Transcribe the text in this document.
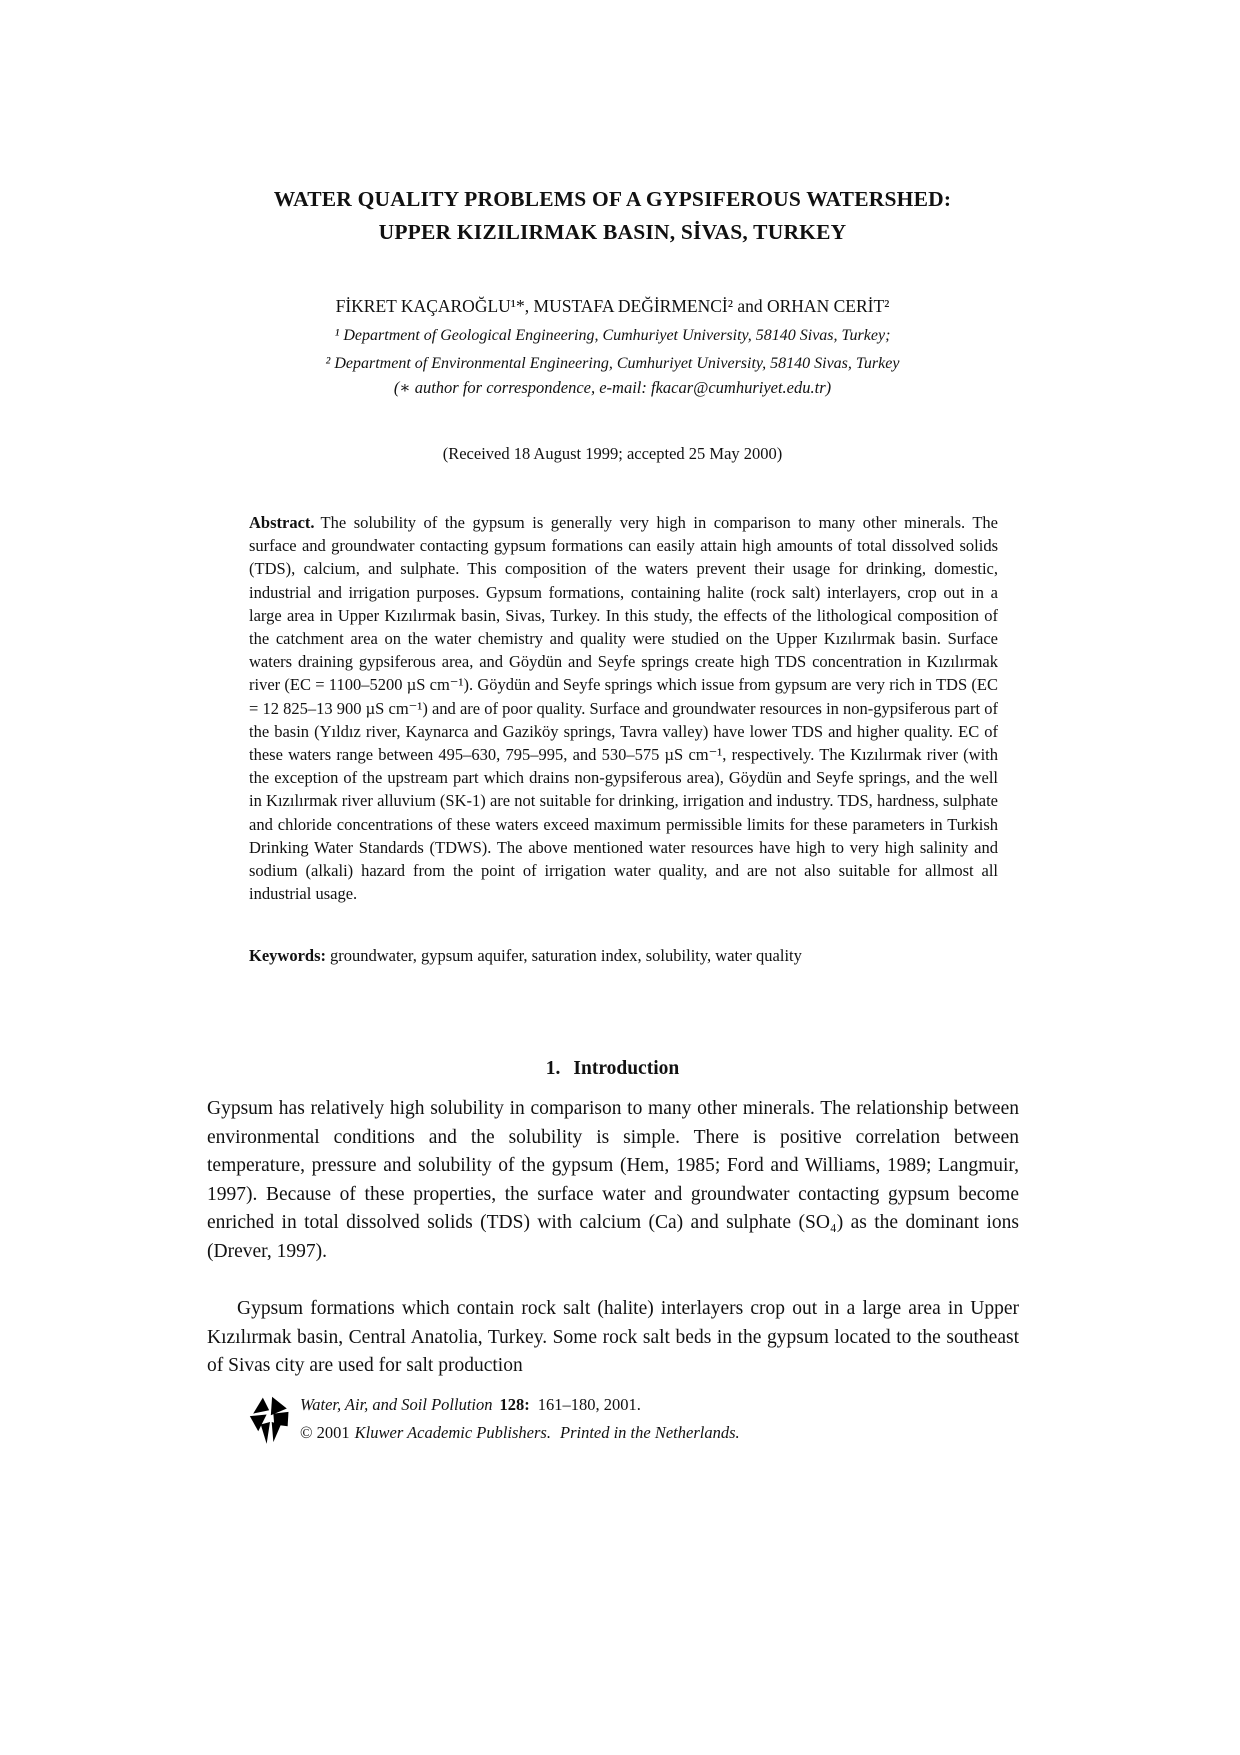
WATER QUALITY PROBLEMS OF A GYPSIFEROUS WATERSHED:
UPPER KIZILIRMAK BASIN, SİVAS, TURKEY
FİKRET KAÇAROĞLU¹*, MUSTAFA DEĞİRMENCİ² and ORHAN CERİT²
¹ Department of Geological Engineering, Cumhuriyet University, 58140 Sivas, Turkey;
² Department of Environmental Engineering, Cumhuriyet University, 58140 Sivas, Turkey
(∗ author for correspondence, e-mail: fkacar@cumhuriyet.edu.tr)
(Received 18 August 1999; accepted 25 May 2000)
Abstract. The solubility of the gypsum is generally very high in comparison to many other minerals. The surface and groundwater contacting gypsum formations can easily attain high amounts of total dissolved solids (TDS), calcium, and sulphate. This composition of the waters prevent their usage for drinking, domestic, industrial and irrigation purposes. Gypsum formations, containing halite (rock salt) interlayers, crop out in a large area in Upper Kızılırmak basin, Sivas, Turkey. In this study, the effects of the lithological composition of the catchment area on the water chemistry and quality were studied on the Upper Kızılırmak basin. Surface waters draining gypsiferous area, and Göydün and Seyfe springs create high TDS concentration in Kızılırmak river (EC = 1100–5200 µS cm⁻¹). Göydün and Seyfe springs which issue from gypsum are very rich in TDS (EC = 12 825–13 900 µS cm⁻¹) and are of poor quality. Surface and groundwater resources in non-gypsiferous part of the basin (Yıldız river, Kaynarca and Gaziköy springs, Tavra valley) have lower TDS and higher quality. EC of these waters range between 495–630, 795–995, and 530–575 µS cm⁻¹, respectively. The Kızılırmak river (with the exception of the upstream part which drains non-gypsiferous area), Göydün and Seyfe springs, and the well in Kızılırmak river alluvium (SK-1) are not suitable for drinking, irrigation and industry. TDS, hardness, sulphate and chloride concentrations of these waters exceed maximum permissible limits for these parameters in Turkish Drinking Water Standards (TDWS). The above mentioned water resources have high to very high salinity and sodium (alkali) hazard from the point of irrigation water quality, and are not also suitable for allmost all industrial usage.
Keywords: groundwater, gypsum aquifer, saturation index, solubility, water quality
1. Introduction
Gypsum has relatively high solubility in comparison to many other minerals. The relationship between environmental conditions and the solubility is simple. There is positive correlation between temperature, pressure and solubility of the gypsum (Hem, 1985; Ford and Williams, 1989; Langmuir, 1997). Because of these properties, the surface water and groundwater contacting gypsum become enriched in total dissolved solids (TDS) with calcium (Ca) and sulphate (SO₄) as the dominant ions (Drever, 1997).
Gypsum formations which contain rock salt (halite) interlayers crop out in a large area in Upper Kızılırmak basin, Central Anatolia, Turkey. Some rock salt beds in the gypsum located to the southeast of Sivas city are used for salt production
Water, Air, and Soil Pollution 128: 161–180, 2001.
© 2001 Kluwer Academic Publishers. Printed in the Netherlands.
